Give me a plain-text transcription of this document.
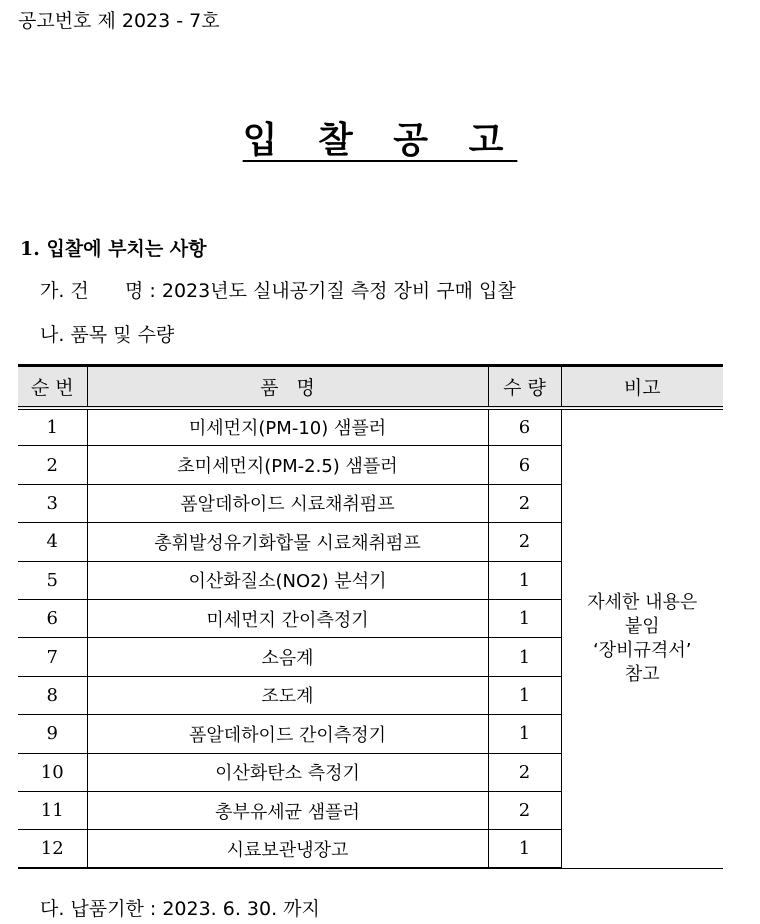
공고번호 제 2023 - 7호
입 찰 공 고
1. 입찰에 부치는 사항
가. 건      명 : 2023년도 실내공기질 측정 장비 구매 입찰
나. 품목 및 수량
순 번	품   명	수 량	비고
1	미세먼지(PM-10) 샘플러	6	자세한 내용은
붙임
‘장비규격서’
참고

2	초미세먼지(PM-2.5) 샘플러	6	
3	폼알데하이드 시료채취펌프	2	
4	총휘발성유기화합물 시료채취펌프	2	
5	이산화질소(NO2) 분석기	1	
6	미세먼지 간이측정기	1	
7	소음계	1	
8	조도계	1	
9	폼알데하이드 간이측정기	1	
10	이산화탄소 측정기	2	
11	총부유세균 샘플러	2	
12	시료보관냉장고	1	
다. 납품기한 : 2023. 6. 30. 까지
